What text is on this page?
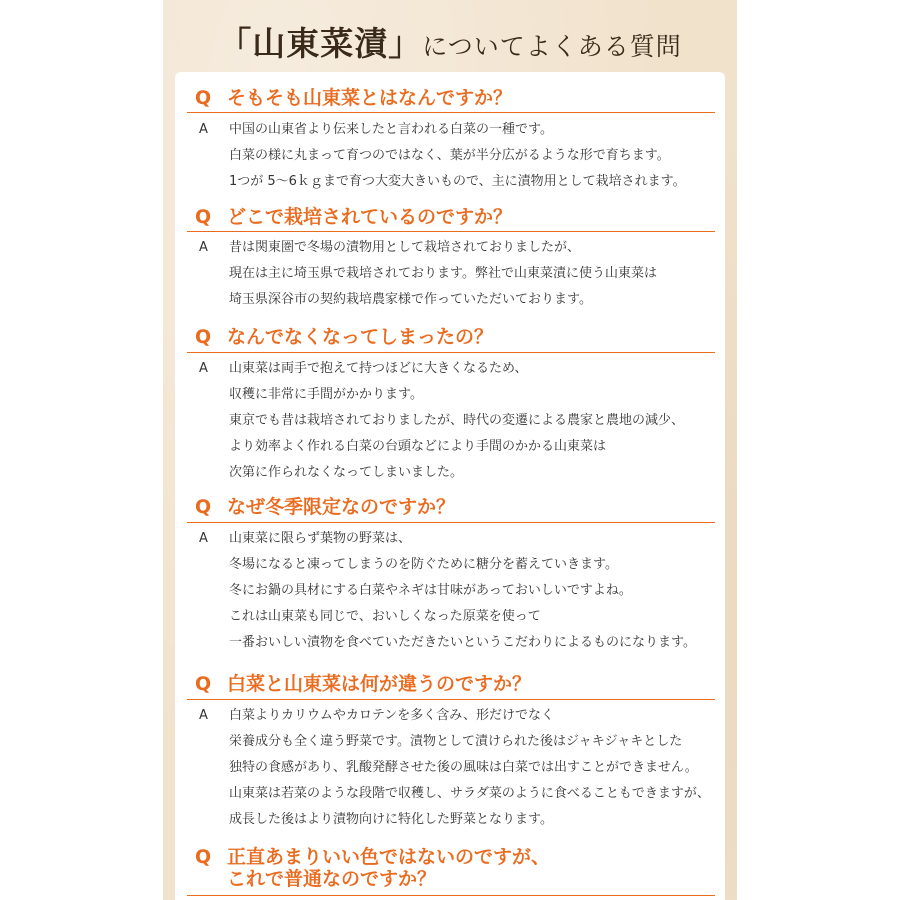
「山東菜漬」についてよくある質問
Q そもそも山東菜とはなんですか？
A	中国の山東省より伝来したと言われる白菜の一種です。
白菜の様に丸まって育つのではなく、葉が半分広がるような形で育ちます。
1つが 5～6ｋｇまで育つ大変大きいもので、主に漬物用として栽培されます。
Q どこで栽培されているのですか？
A	昔は関東圏で冬場の漬物用として栽培されておりましたが、
現在は主に埼玉県で栽培されております。弊社で山東菜漬に使う山東菜は
埼玉県深谷市の契約栽培農家様で作っていただいております。
Q なんでなくなってしまったの？
A	山東菜は両手で抱えて持つほどに大きくなるため、
収穫に非常に手間がかかります。
東京でも昔は栽培されておりましたが、時代の変遷による農家と農地の減少、
より効率よく作れる白菜の台頭などにより手間のかかる山東菜は
次第に作られなくなってしまいました。
Q なぜ冬季限定なのですか？
A	山東菜に限らず葉物の野菜は、
冬場になると凍ってしまうのを防ぐために糖分を蓄えていきます。
冬にお鍋の具材にする白菜やネギは甘味があっておいしいですよね。
これは山東菜も同じで、おいしくなった原菜を使って
一番おいしい漬物を食べていただきたいというこだわりによるものになります。
Q 白菜と山東菜は何が違うのですか？
A	白菜よりカリウムやカロテンを多く含み、形だけでなく
栄養成分も全く違う野菜です。漬物として漬けられた後はジャキジャキとした
独特の食感があり、乳酸発酵させた後の風味は白菜では出すことができません。
山東菜は若菜のような段階で収穫し、サラダ菜のように食べることもできますが、
成長した後はより漬物向けに特化した野菜となります。
Q 正直あまりいい色ではないのですが、
これで普通なのですか？
